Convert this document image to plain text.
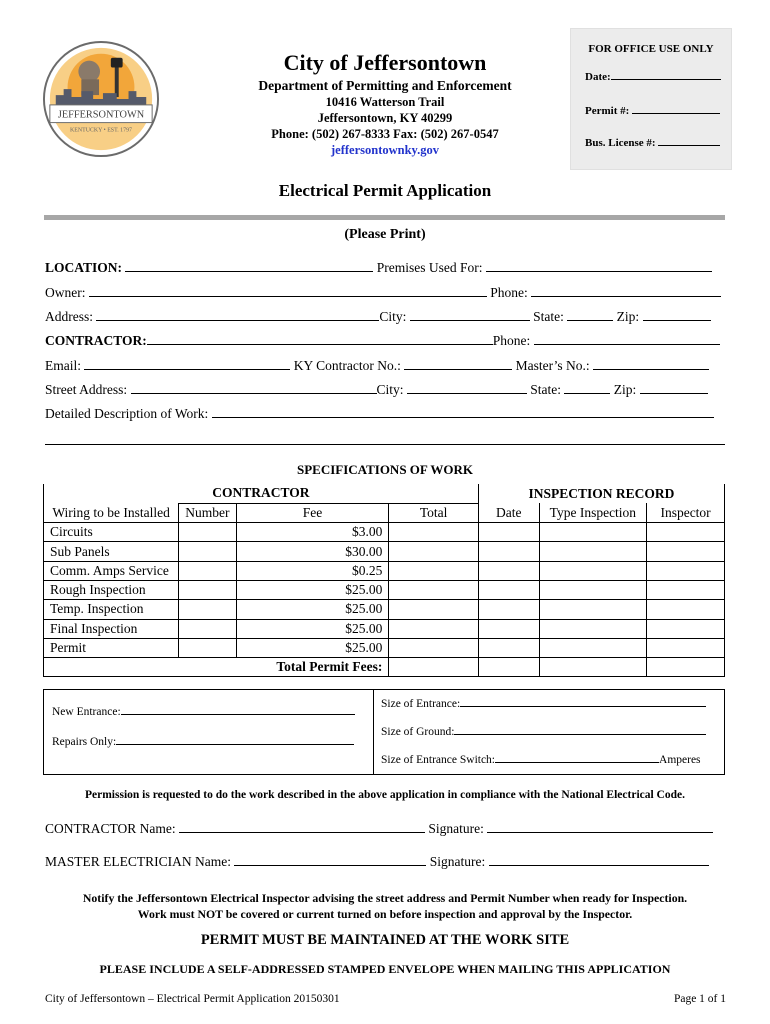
JEFFERSONTOWN
KENTUCKY • EST. 1797
City of Jeffersontown
Department of Permitting and Enforcement
10416 Watterson Trail
Jeffersontown, KY 40299
Phone: (502) 267-8333 Fax: (502) 267-0547
jeffersontownky.gov
FOR OFFICE USE ONLY
Date:
Permit #:
Bus. License #:
Electrical Permit Application
(Please Print)
LOCATION:	Premises Used For:
Owner:	Phone:
Address:	City:	State:	Zip:
CONTRACTOR:	Phone:
Email:	KY Contractor No.:	Master’s No.:
Street Address:	City:	State:	Zip:
Detailed Description of Work:
SPECIFICATIONS OF WORK
CONTRACTOR				INSPECTION RECORD		
Wiring to be Installed	Number	Fee	Total	Date	Type Inspection	Inspector
Circuits		$3.00				
Sub Panels		$30.00				
Comm. Amps Service		$0.25				
Rough Inspection		$25.00				
Temp. Inspection		$25.00				
Final Inspection		$25.00				
Permit		$25.00				
Total Permit Fees:						
New Entrance:
Repairs Only:
Size of Entrance:
Size of Ground:
Size of Entrance Switch:	Amperes
Permission is requested to do the work described in the above application in compliance with the National Electrical Code.
CONTRACTOR Name:	Signature:
MASTER ELECTRICIAN Name:	Signature:
Notify the Jeffersontown Electrical Inspector advising the street address and Permit Number when ready for Inspection.
Work must NOT be covered or current turned on before inspection and approval by the Inspector.
PERMIT MUST BE MAINTAINED AT THE WORK SITE
PLEASE INCLUDE A SELF-ADDRESSED STAMPED ENVELOPE WHEN MAILING THIS APPLICATION
City of Jeffersontown – Electrical Permit Application 20150301	Page 1 of 1
